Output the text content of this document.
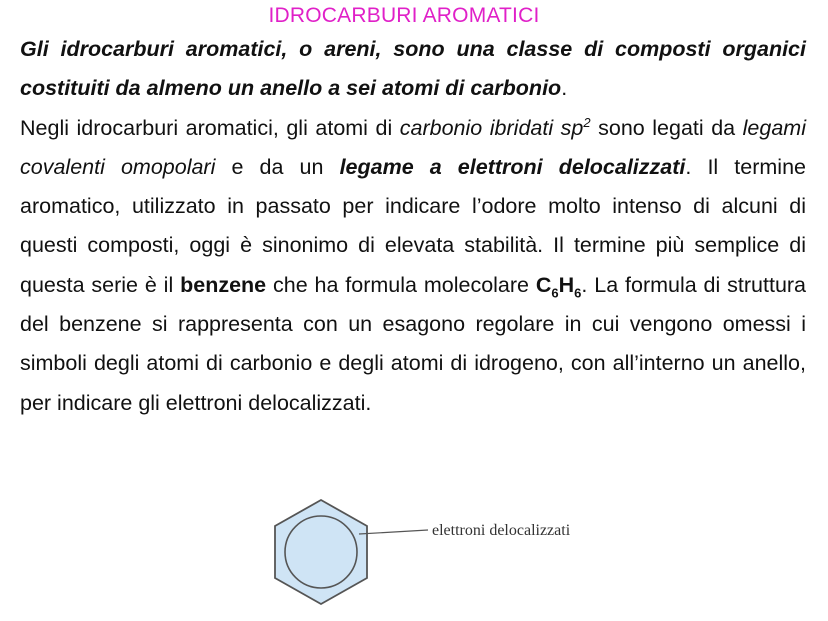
IDROCARBURI AROMATICI

Gli idrocarburi aromatici, o areni, sono una classe di composti organici costituiti da almeno un anello a sei atomi di carbonio.

Negli idrocarburi aromatici, gli atomi di carbonio ibridati $sp^2$ sono legati da legami covalenti omopolari e da un legame a elettroni delocalizzati. Il termine aromatico, utilizzato in passato per indicare l’odore molto intenso di alcuni di questi composti, oggi è sinonimo di elevata stabilità. Il termine più semplice di questa serie è il benzene che ha formula molecolare $C_6H_6$. La formula di struttura del benzene si rappresenta con un esagono regolare in cui vengono omessi i simboli degli atomi di carbonio e degli atomi di idrogeno, con all’interno un anello, per indicare gli elettroni delocalizzati.

elettroni delocalizzati
